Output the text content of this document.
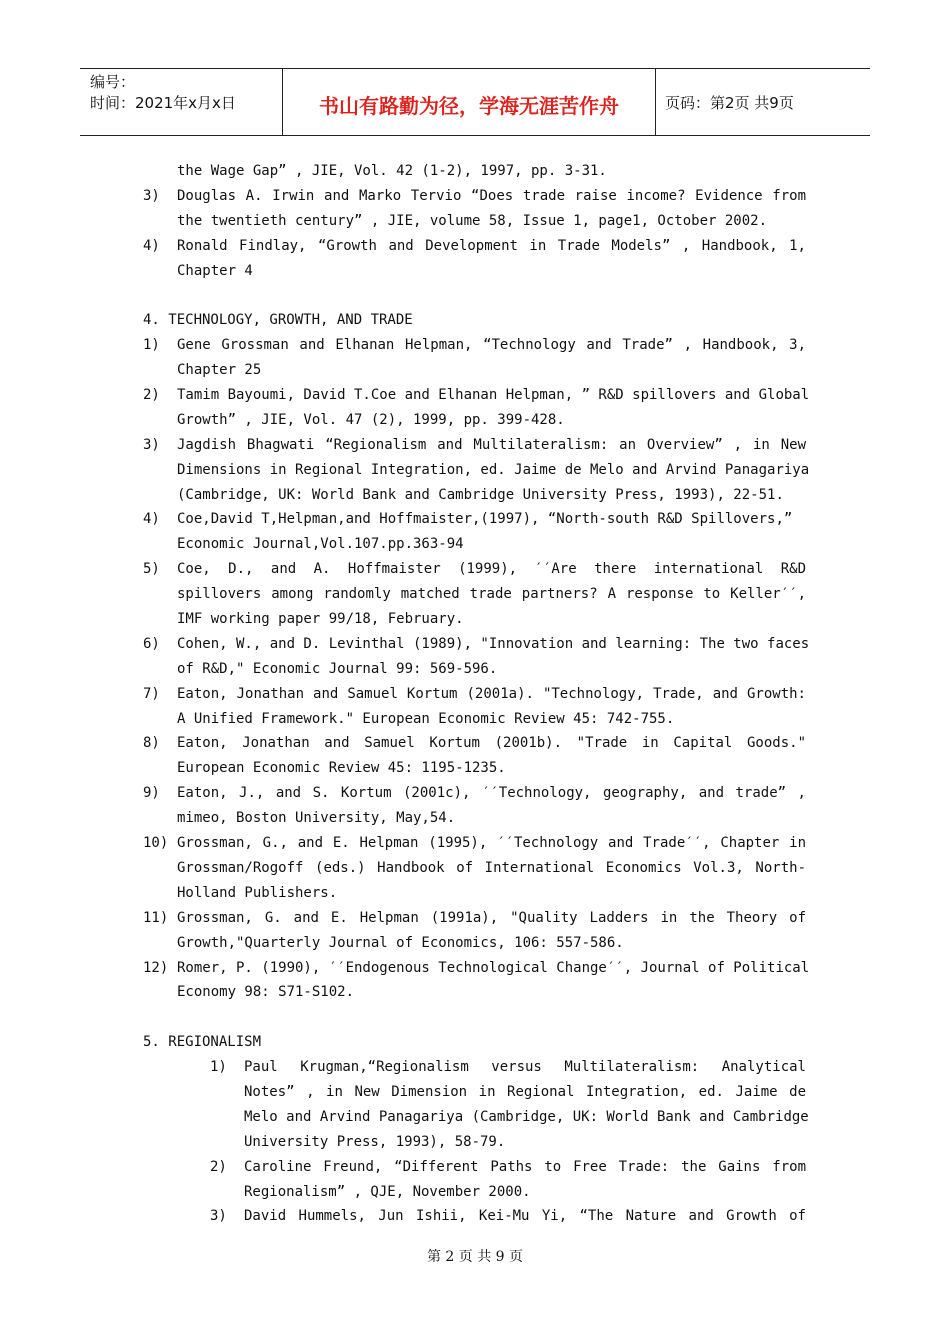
编号：
时间：2021年x月x日	书山有路勤为径，学海无涯苦作舟	页码：第2页 共9页
the Wage Gap” , JIE, Vol. 42 (1-2), 1997, pp. 3-31.
3) Douglas A. Irwin and Marko Tervio “Does trade raise income? Evidence from
the twentieth century” , JIE, volume 58, Issue 1, page1, October 2002.
4) Ronald Findlay, “Growth and Development in Trade Models” , Handbook, 1,
Chapter 4
4. TECHNOLOGY, GROWTH, AND TRADE
1) Gene Grossman and Elhanan Helpman, “Technology and Trade” , Handbook, 3,
Chapter 25
2) Tamim Bayoumi, David T.Coe and Elhanan Helpman, ” R&D spillovers and Global
Growth” , JIE, Vol. 47 (2), 1999, pp. 399-428.
3) Jagdish Bhagwati “Regionalism and Multilateralism: an Overview” , in New
Dimensions in Regional Integration, ed. Jaime de Melo and Arvind Panagariya
(Cambridge, UK: World Bank and Cambridge University Press, 1993), 22-51.
4) Coe,David T,Helpman,and Hoffmaister,(1997), “North-south R&D Spillovers,”
Economic Journal,Vol.107.pp.363-94
5) Coe, D., and A. Hoffmaister (1999), ′′Are there international R&D
spillovers among randomly matched trade partners? A response to Keller′′,
IMF working paper 99/18, February.
6) Cohen, W., and D. Levinthal (1989), "Innovation and learning: The two faces
of R&D," Economic Journal 99: 569-596.
7) Eaton, Jonathan and Samuel Kortum (2001a). "Technology, Trade, and Growth:
A Unified Framework." European Economic Review 45: 742-755.
8) Eaton, Jonathan and Samuel Kortum (2001b). "Trade in Capital Goods."
European Economic Review 45: 1195-1235.
9) Eaton, J., and S. Kortum (2001c), ′′Technology, geography, and trade” ,
mimeo, Boston University, May,54.
10) Grossman, G., and E. Helpman (1995), ′′Technology and Trade′′, Chapter in
Grossman/Rogoff (eds.) Handbook of International Economics Vol.3, North-
Holland Publishers.
11) Grossman, G. and E. Helpman (1991a), "Quality Ladders in the Theory of
Growth,"Quarterly Journal of Economics, 106: 557-586.
12) Romer, P. (1990), ′′Endogenous Technological Change′′, Journal of Political
Economy 98: S71-S102.
5. REGIONALISM
1) Paul Krugman,“Regionalism versus Multilateralism: Analytical
Notes” , in New Dimension in Regional Integration, ed. Jaime de
Melo and Arvind Panagariya (Cambridge, UK: World Bank and Cambridge
University Press, 1993), 58-79.
2) Caroline Freund, “Different Paths to Free Trade: the Gains from
Regionalism” , QJE, November 2000.
3) David Hummels, Jun Ishii, Kei-Mu Yi, “The Nature and Growth of
第 2 页 共 9 页
